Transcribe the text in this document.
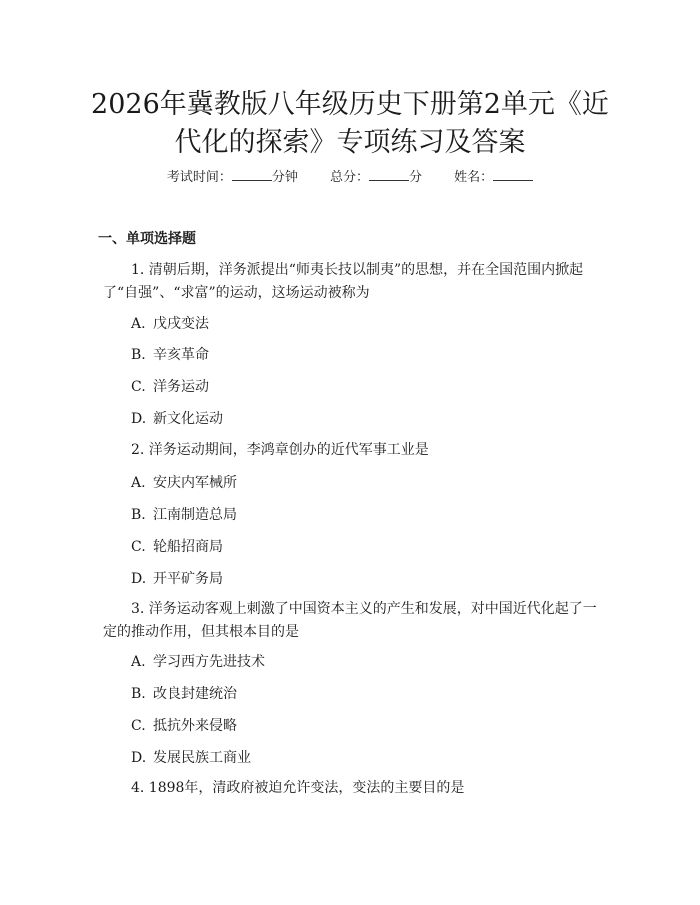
2026年冀教版八年级历史下册第2单元《近
代化的探索》专项练习及答案
考试时间：	分钟 总分：	分 姓名：
一、单项选择题

1. 清朝后期，洋务派提出“师夷长技以制夷”的思想，并在全国范围内掀起了“自强”、“求富”的运动，这场运动被称为

A. 戊戌变法
B. 辛亥革命
C. 洋务运动
D. 新文化运动

2. 洋务运动期间，李鸿章创办的近代军事工业是

A. 安庆内军械所
B. 江南制造总局
C. 轮船招商局
D. 开平矿务局

3. 洋务运动客观上刺激了中国资本主义的产生和发展，对中国近代化起了一定的推动作用，但其根本目的是

A. 学习西方先进技术
B. 改良封建统治
C. 抵抗外来侵略
D. 发展民族工商业

4. 1898年，清政府被迫允许变法，变法的主要目的是
